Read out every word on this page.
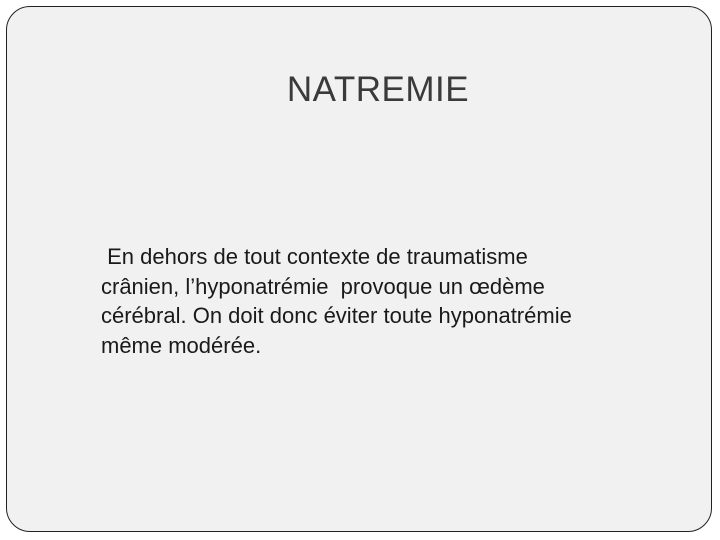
NATREMIE

En dehors de tout contexte de traumatisme
crânien, l’hyponatrémie  provoque un œdème
cérébral. On doit donc éviter toute hyponatrémie
même modérée.
